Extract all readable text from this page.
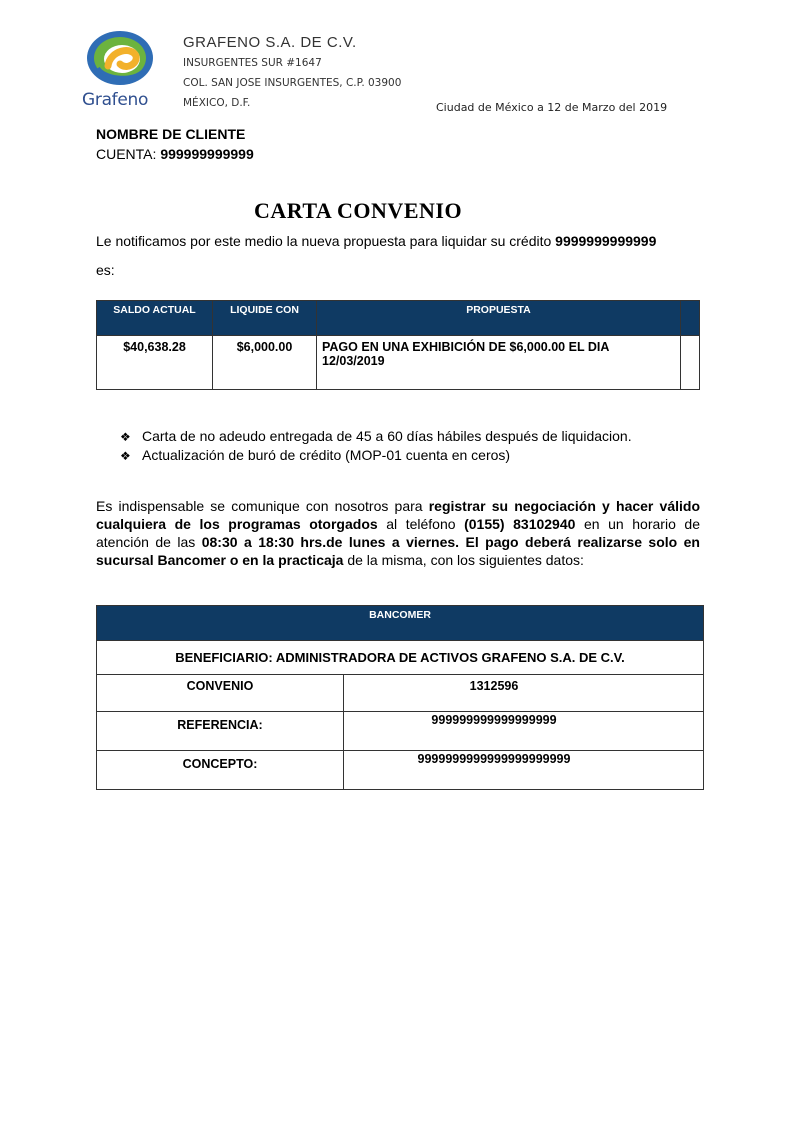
Grafeno
GRAFENO S.A. DE C.V.
INSURGENTES SUR #1647
COL. SAN JOSE INSURGENTES, C.P. 03900
MÉXICO, D.F.	Ciudad de México a 12 de Marzo del 2019
NOMBRE DE CLIENTE
CUENTA: 999999999999
CARTA CONVENIO
Le notificamos por este medio la nueva propuesta para liquidar su crédito 9999999999999
es:
SALDO ACTUAL	LIQUIDE CON	PROPUESTA	
$40,638.28	$6,000.00	PAGO EN UNA EXHIBICIÓN DE $6,000.00 EL DIA 12/03/2019	
❖ Carta de no adeudo entregada de 45 a 60 días hábiles después de liquidacion.
❖ Actualización de buró de crédito (MOP-01 cuenta en ceros)
Es indispensable se comunique con nosotros para registrar su negociación y hacer válido cualquiera de los programas otorgados al teléfono (0155) 83102940 en un horario de atención de las 08:30 a 18:30 hrs.de lunes a viernes. El pago deberá realizarse solo en sucursal Bancomer o en la practicaja de la misma, con los siguientes datos:
BANCOMER	
BENEFICIARIO: ADMINISTRADORA DE ACTIVOS GRAFENO S.A. DE C.V.	
CONVENIO	1312596
REFERENCIA:	999999999999999999
CONCEPTO:	9999999999999999999999
